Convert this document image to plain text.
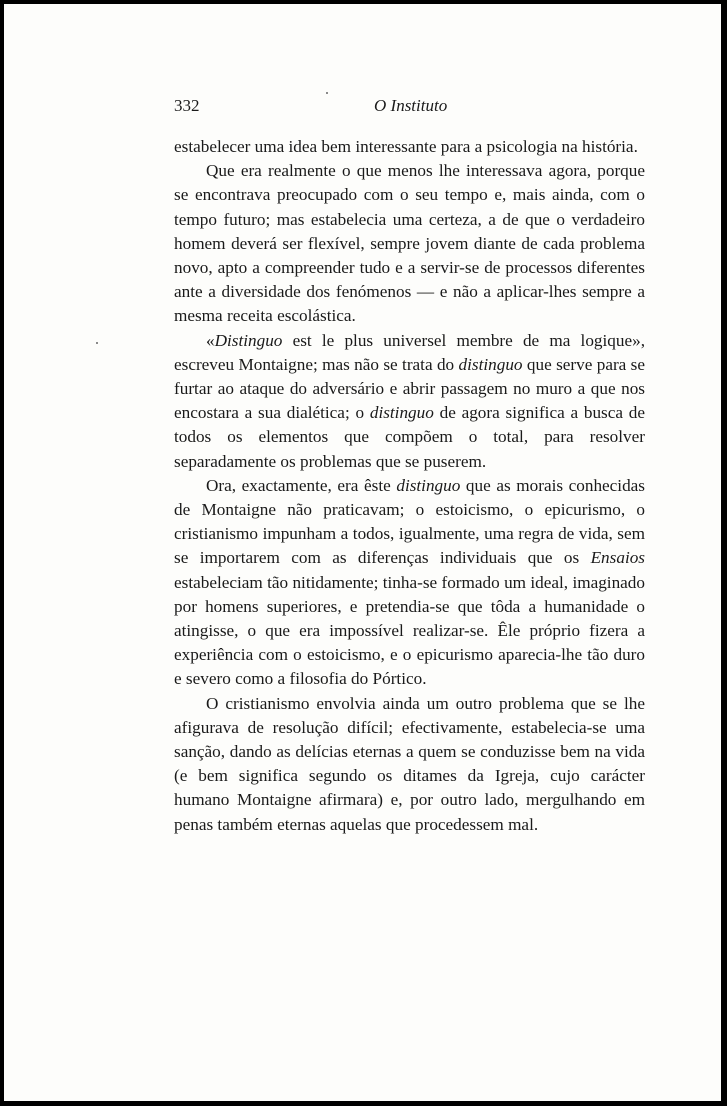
332	O Instituto

estabelecer uma idea bem interessante para a psicologia na história.

Que era realmente o que menos lhe interessava agora, porque se encontrava preocupado com o seu tempo e, mais ainda, com o tempo futuro; mas estabelecia uma certeza, a de que o verdadeiro homem deverá ser flexível, sempre jovem diante de cada problema novo, apto a compreender tudo e a servir-se de processos diferentes ante a diversidade dos fenómenos — e não a aplicar-lhes sempre a mesma receita escolástica.

«Distinguo est le plus universel membre de ma logique», escreveu Montaigne; mas não se trata do distinguo que serve para se furtar ao ataque do adversário e abrir passagem no muro a que nos encostara a sua dialética; o distinguo de agora significa a busca de todos os elementos que compõem o total, para resolver separadamente os problemas que se puserem.

Ora, exactamente, era êste distinguo que as morais conhecidas de Montaigne não praticavam; o estoicismo, o epicurismo, o cristianismo impunham a todos, igualmente, uma regra de vida, sem se importarem com as diferenças individuais que os Ensaios estabeleciam tão nitidamente; tinha-se formado um ideal, imaginado por homens superiores, e pretendia-se que tôda a humanidade o atingisse, o que era impossível realizar-se. Êle próprio fizera a experiência com o estoicismo, e o epicurismo aparecia-lhe tão duro e severo como a filosofia do Pórtico.

O cristianismo envolvia ainda um outro problema que se lhe afigurava de resolução difícil; efectivamente, estabelecia-se uma sanção, dando as delícias eternas a quem se conduzisse bem na vida (e bem significa segundo os ditames da Igreja, cujo carácter humano Montaigne afirmara) e, por outro lado, mergulhando em penas também eternas aquelas que procedessem mal.
